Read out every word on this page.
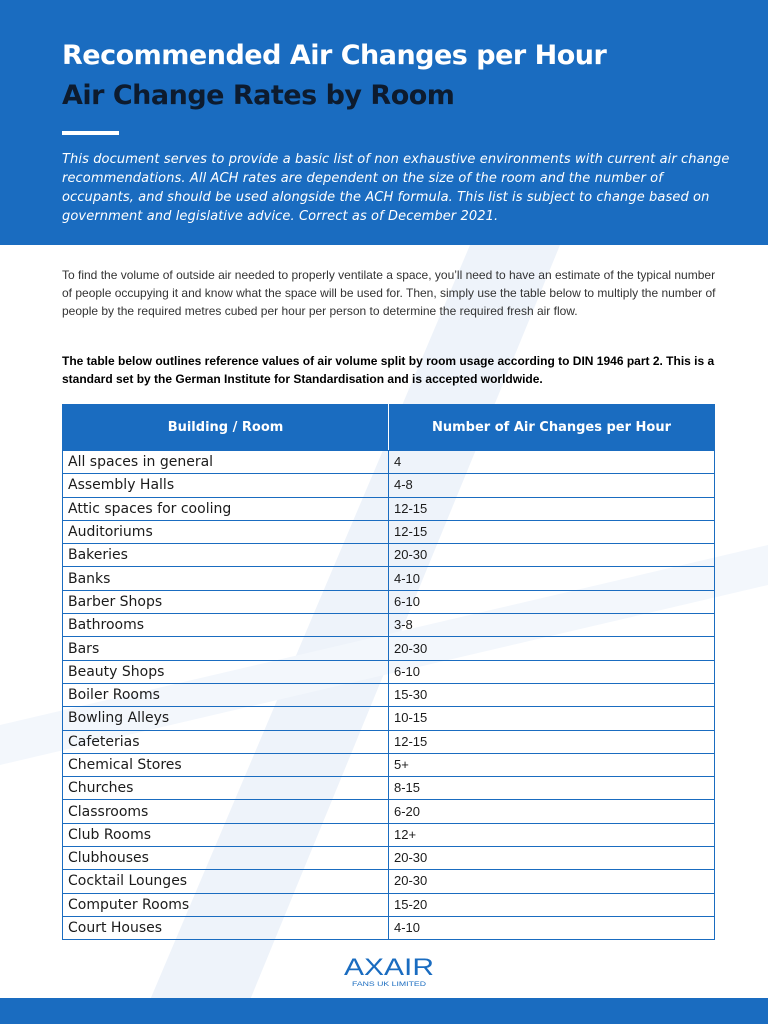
Recommended Air Changes per Hour
Air Change Rates by Room

This document serves to provide a basic list of non exhaustive environments with current air change recommendations. All ACH rates are dependent on the size of the room and the number of occupants, and should be used alongside the ACH formula. This list is subject to change based on government and legislative advice. Correct as of December 2021.

To find the volume of outside air needed to properly ventilate a space, you’ll need to have an estimate of the typical number of people occupying it and know what the space will be used for. Then, simply use the table below to multiply the number of people by the required metres cubed per hour per person to determine the required fresh air flow.

The table below outlines reference values of air volume split by room usage according to DIN 1946 part 2. This is a standard set by the German Institute for Standardisation and is accepted worldwide.

Building / Room	Number of Air Changes per Hour
All spaces in general	4
Assembly Halls	4-8
Attic spaces for cooling	12-15
Auditoriums	12-15
Bakeries	20-30
Banks	4-10
Barber Shops	6-10
Bathrooms	3-8
Bars	20-30
Beauty Shops	6-10
Boiler Rooms	15-30
Bowling Alleys	10-15
Cafeterias	12-15
Chemical Stores	5+
Churches	8-15
Classrooms	6-20
Club Rooms	12+
Clubhouses	20-30
Cocktail Lounges	20-30
Computer Rooms	15-20
Court Houses	4-10
AXAIR
FANS UK LIMITED
